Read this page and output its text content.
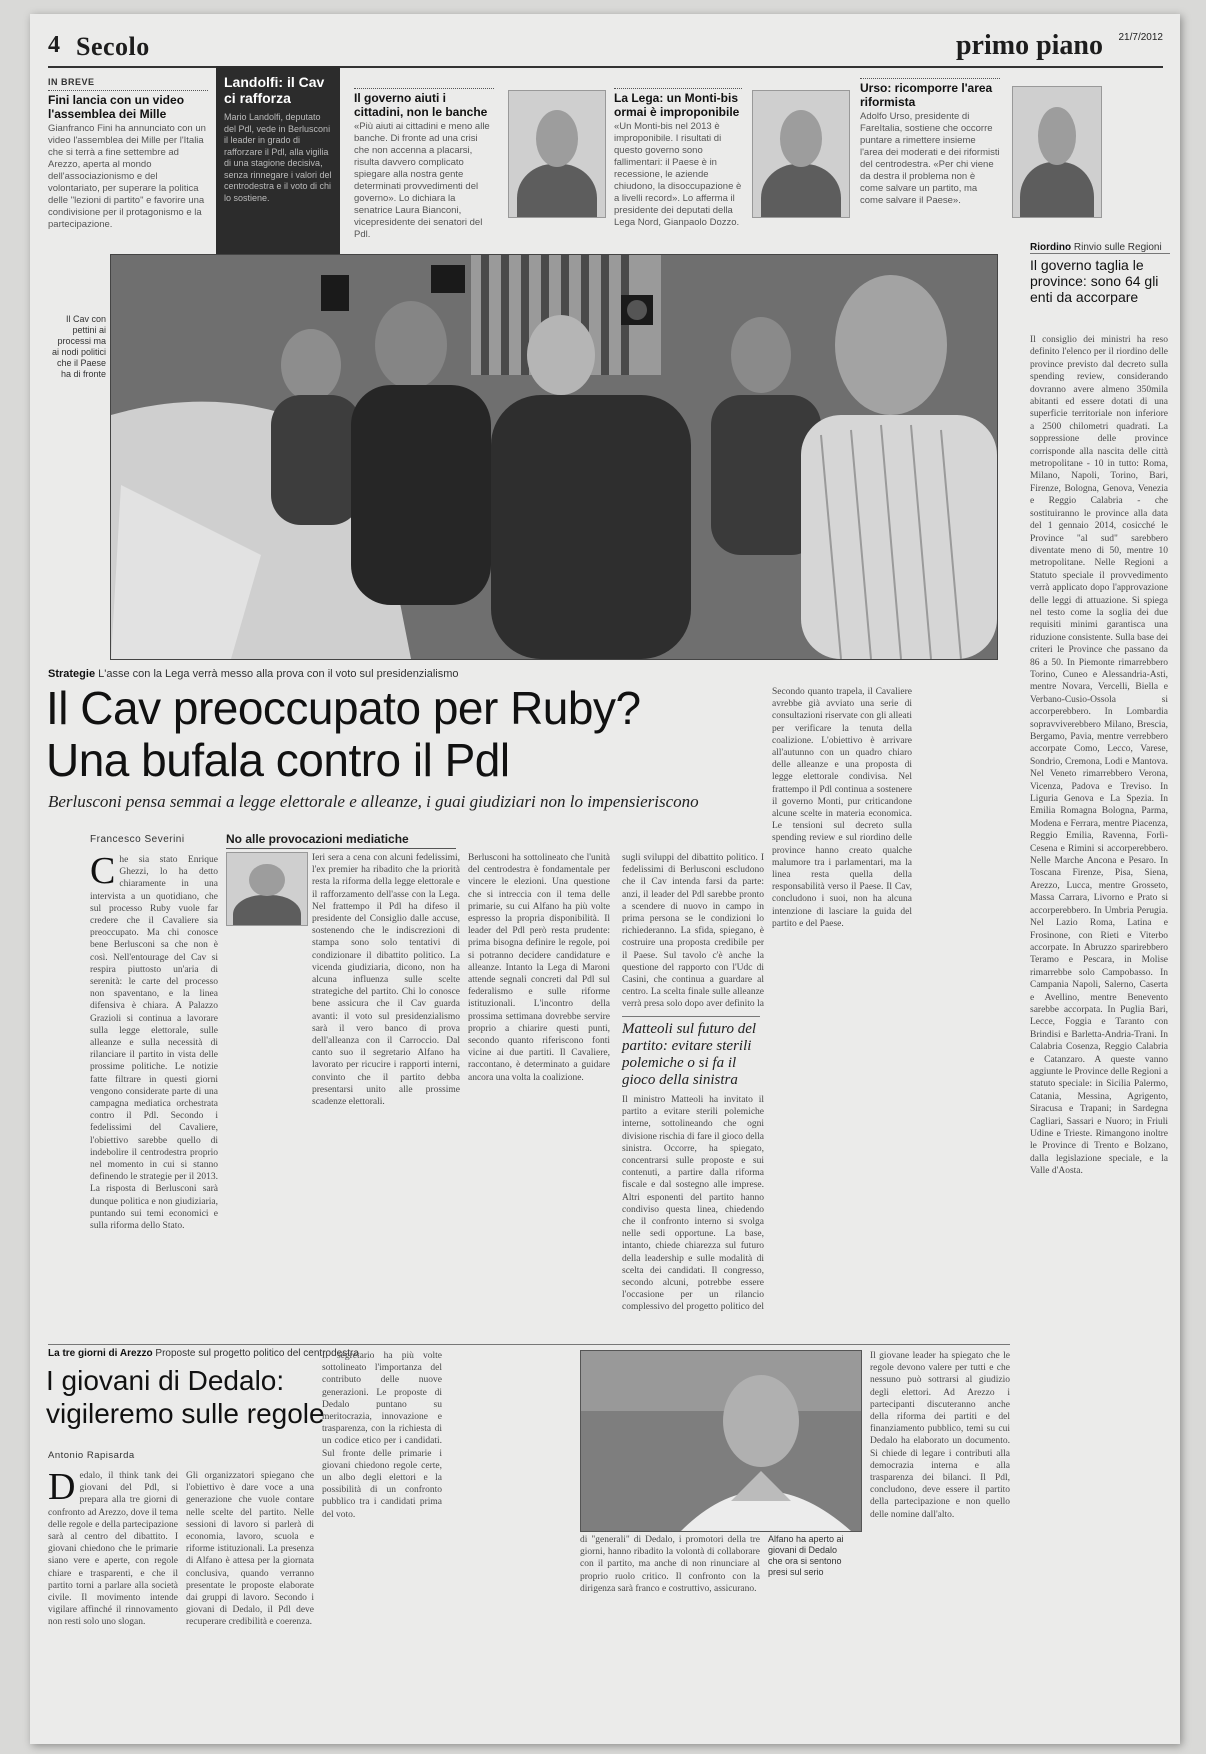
4 Secolo	primo piano 21/7/2012
IN BREVE
Fini lancia con un video l'assemblea dei Mille
Gianfranco Fini ha annunciato con un video l'assemblea dei Mille per l'Italia che si terrà a fine settembre ad Arezzo, aperta al mondo dell'associazionismo e del volontariato, per superare la politica delle "lezioni di partito" e favorire una condivisione per il protagonismo e la partecipazione.
Landolfi: il Cav ci rafforza
Mario Landolfi, deputato del Pdl, vede in Berlusconi il leader in grado di rafforzare il Pdl, alla vigilia di una stagione decisiva, senza rinnegare i valori del centrodestra e il voto di chi lo sostiene.
Il governo aiuti i cittadini, non le banche
«Più aiuti ai cittadini e meno alle banche. Di fronte ad una crisi che non accenna a placarsi, risulta davvero complicato spiegare alla nostra gente determinati provvedimenti del governo». Lo dichiara la senatrice Laura Bianconi, vicepresidente dei senatori del Pdl.
La Lega: un Monti-bis ormai è improponibile
«Un Monti-bis nel 2013 è improponibile. I risultati di questo governo sono fallimentari: il Paese è in recessione, le aziende chiudono, la disoccupazione è a livelli record». Lo afferma il presidente dei deputati della Lega Nord, Gianpaolo Dozzo.
Urso: ricomporre l'area riformista
Adolfo Urso, presidente di FareItalia, sostiene che occorre puntare a rimettere insieme l'area dei moderati e dei riformisti del centrodestra. «Per chi viene da destra il problema non è come salvare un partito, ma come salvare il Paese».
Il Cav con pettini ai processi ma ai nodi politici che il Paese ha di fronte
Strategie L'asse con la Lega verrà messo alla prova con il voto sul presidenzialismo
Il Cav preoccupato per Ruby?
Una bufala contro il Pdl
Berlusconi pensa semmai a legge elettorale e alleanze, i guai giudiziari non lo impensieriscono
Francesco Severini	No alle provocazioni mediatiche
Che sia stato Enrique Ghezzi, lo ha detto chiaramente in una intervista a un quotidiano, che sul processo Ruby vuole far credere che il Cavaliere sia preoccupato. Ma chi conosce bene Berlusconi sa che non è così. Nell'entourage del Cav si respira piuttosto un'aria di serenità: le carte del processo non spaventano, e la linea difensiva è chiara. A Palazzo Grazioli si continua a lavorare sulla legge elettorale, sulle alleanze e sulla necessità di rilanciare il partito in vista delle prossime politiche. Le notizie fatte filtrare in questi giorni vengono considerate parte di una campagna mediatica orchestrata contro il Pdl. Secondo i fedelissimi del Cavaliere, l'obiettivo sarebbe quello di indebolire il centrodestra proprio nel momento in cui si stanno definendo le strategie per il 2013. La risposta di Berlusconi sarà dunque politica e non giudiziaria, puntando sui temi economici e sulla riforma dello Stato.
Ieri sera a cena con alcuni fedelissimi, l'ex premier ha ribadito che la priorità resta la riforma della legge elettorale e il rafforzamento dell'asse con la Lega. Nel frattempo il Pdl ha difeso il presidente del Consiglio dalle accuse, sostenendo che le indiscrezioni di stampa sono solo tentativi di condizionare il dibattito politico. La vicenda giudiziaria, dicono, non ha alcuna influenza sulle scelte strategiche del partito. Chi lo conosce bene assicura che il Cav guarda avanti: il voto sul presidenzialismo sarà il vero banco di prova dell'alleanza con il Carroccio. Dal canto suo il segretario Alfano ha lavorato per ricucire i rapporti interni, convinto che il partito debba presentarsi unito alle prossime scadenze elettorali.
Berlusconi ha sottolineato che l'unità del centrodestra è fondamentale per vincere le elezioni. Una questione che si intreccia con il tema delle primarie, su cui Alfano ha più volte espresso la propria disponibilità. Il leader del Pdl però resta prudente: prima bisogna definire le regole, poi si potranno decidere candidature e alleanze. Intanto la Lega di Maroni attende segnali concreti dal Pdl sul federalismo e sulle riforme istituzionali. L'incontro della prossima settimana dovrebbe servire proprio a chiarire questi punti, secondo quanto riferiscono fonti vicine ai due partiti. Il Cavaliere, raccontano, è determinato a guidare ancora una volta la coalizione.
sugli sviluppi del dibattito politico. I fedelissimi di Berlusconi escludono che il Cav intenda farsi da parte: anzi, il leader del Pdl sarebbe pronto a scendere di nuovo in campo in prima persona se le condizioni lo richiederanno. La sfida, spiegano, è costruire una proposta credibile per il Paese. Sul tavolo c'è anche la questione del rapporto con l'Udc di Casini, che continua a guardare al centro. La scelta finale sulle alleanze verrà presa solo dopo aver definito la
Matteoli sul futuro del partito: evitare sterili polemiche o si fa il gioco della sinistra
Il ministro Matteoli ha invitato il partito a evitare sterili polemiche interne, sottolineando che ogni divisione rischia di fare il gioco della sinistra. Occorre, ha spiegato, concentrarsi sulle proposte e sui contenuti, a partire dalla riforma fiscale e dal sostegno alle imprese. Altri esponenti del partito hanno condiviso questa linea, chiedendo che il confronto interno si svolga nelle sedi opportune. La base, intanto, chiede chiarezza sul futuro della leadership e sulle modalità di scelta dei candidati. Il congresso, secondo alcuni, potrebbe essere l'occasione per un rilancio complessivo del progetto politico del
Secondo quanto trapela, il Cavaliere avrebbe già avviato una serie di consultazioni riservate con gli alleati per verificare la tenuta della coalizione. L'obiettivo è arrivare all'autunno con un quadro chiaro delle alleanze e una proposta di legge elettorale condivisa. Nel frattempo il Pdl continua a sostenere il governo Monti, pur criticandone alcune scelte in materia economica. Le tensioni sul decreto sulla spending review e sul riordino delle province hanno creato qualche malumore tra i parlamentari, ma la linea resta quella della responsabilità verso il Paese. Il Cav, concludono i suoi, non ha alcuna intenzione di lasciare la guida del partito e del Paese.
Riordino Rinvio sulle Regioni
Il governo taglia le province: sono 64 gli enti da accorpare
Il consiglio dei ministri ha reso definito l'elenco per il riordino delle province previsto dal decreto sulla spending review, considerando dovranno avere almeno 350mila abitanti ed essere dotati di una superficie territoriale non inferiore a 2500 chilometri quadrati. La soppressione delle province corrisponde alla nascita delle città metropolitane - 10 in tutto: Roma, Milano, Napoli, Torino, Bari, Firenze, Bologna, Genova, Venezia e Reggio Calabria - che sostituiranno le province alla data del 1 gennaio 2014, cosicché le Province "al sud" sarebbero diventate meno di 50, mentre 10 metropolitane. Nelle Regioni a Statuto speciale il provvedimento verrà applicato dopo l'approvazione delle leggi di attuazione. Si spiega nel testo come la soglia dei due requisiti minimi garantisca una riduzione consistente. Sulla base dei criteri le Province che passano da 86 a 50. In Piemonte rimarrebbero Torino, Cuneo e Alessandria-Asti, mentre Novara, Vercelli, Biella e Verbano-Cusio-Ossola si accorperebbero. In Lombardia sopravviverebbero Milano, Brescia, Bergamo, Pavia, mentre verrebbero accorpate Como, Lecco, Varese, Sondrio, Cremona, Lodi e Mantova. Nel Veneto rimarrebbero Verona, Vicenza, Padova e Treviso. In Liguria Genova e La Spezia. In Emilia Romagna Bologna, Parma, Modena e Ferrara, mentre Piacenza, Reggio Emilia, Ravenna, Forlì-Cesena e Rimini si accorperebbero. Nelle Marche Ancona e Pesaro. In Toscana Firenze, Pisa, Siena, Arezzo, Lucca, mentre Grosseto, Massa Carrara, Livorno e Prato si accorperebbero. In Umbria Perugia. Nel Lazio Roma, Latina e Frosinone, con Rieti e Viterbo accorpate. In Abruzzo sparirebbero Teramo e Pescara, in Molise rimarrebbe solo Campobasso. In Campania Napoli, Salerno, Caserta e Avellino, mentre Benevento sarebbe accorpata. In Puglia Bari, Lecce, Foggia e Taranto con Brindisi e Barletta-Andria-Trani. In Calabria Cosenza, Reggio Calabria e Catanzaro. A queste vanno aggiunte le Province delle Regioni a statuto speciale: in Sicilia Palermo, Catania, Messina, Agrigento, Siracusa e Trapani; in Sardegna Cagliari, Sassari e Nuoro; in Friuli Udine e Trieste. Rimangono inoltre le Province di Trento e Bolzano, dalla legislazione speciale, e la Valle d'Aosta.
La tre giorni di Arezzo Proposte sul progetto politico del centrodestra
I giovani di Dedalo: vigileremo sulle regole
Antonio Rapisarda
Dedalo, il think tank dei giovani del Pdl, si prepara alla tre giorni di confronto ad Arezzo, dove il tema delle regole e della partecipazione sarà al centro del dibattito. I giovani chiedono che le primarie siano vere e aperte, con regole chiare e trasparenti, e che il partito torni a parlare alla società civile. Il movimento intende vigilare affinché il rinnovamento non resti solo uno slogan.
Gli organizzatori spiegano che l'obiettivo è dare voce a una generazione che vuole contare nelle scelte del partito. Nelle sessioni di lavoro si parlerà di economia, lavoro, scuola e riforme istituzionali. La presenza di Alfano è attesa per la giornata conclusiva, quando verranno presentate le proposte elaborate dai gruppi di lavoro. Secondo i giovani di Dedalo, il Pdl deve recuperare credibilità e coerenza.
Il segretario ha più volte sottolineato l'importanza del contributo delle nuove generazioni. Le proposte di Dedalo puntano su meritocrazia, innovazione e trasparenza, con la richiesta di un codice etico per i candidati. Sul fronte delle primarie i giovani chiedono regole certe, un albo degli elettori e la possibilità di un confronto pubblico tra i candidati prima del voto.
di "generali" di Dedalo, i promotori della tre giorni, hanno ribadito la volontà di collaborare con il partito, ma anche di non rinunciare al proprio ruolo critico. Il confronto con la dirigenza sarà franco e costruttivo, assicurano.
Alfano ha aperto ai giovani di Dedalo che ora si sentono presi sul serio
Il giovane leader ha spiegato che le regole devono valere per tutti e che nessuno può sottrarsi al giudizio degli elettori. Ad Arezzo i partecipanti discuteranno anche della riforma dei partiti e del finanziamento pubblico, temi su cui Dedalo ha elaborato un documento. Si chiede di legare i contributi alla democrazia interna e alla trasparenza dei bilanci. Il Pdl, concludono, deve essere il partito della partecipazione e non quello delle nomine dall'alto.
